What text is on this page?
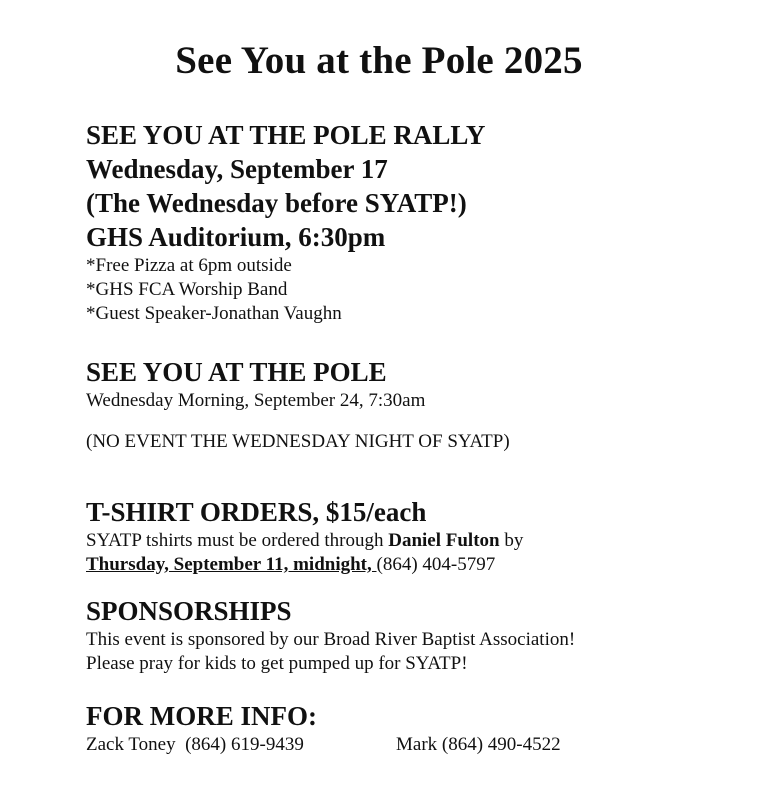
See You at the Pole 2025
SEE YOU AT THE POLE RALLY
Wednesday, September 17
(The Wednesday before SYATP!)
GHS Auditorium, 6:30pm
*Free Pizza at 6pm outside
*GHS FCA Worship Band
*Guest Speaker-Jonathan Vaughn
SEE YOU AT THE POLE
Wednesday Morning, September 24, 7:30am
(NO EVENT THE WEDNESDAY NIGHT OF SYATP)
T-SHIRT ORDERS, $15/each
SYATP tshirts must be ordered through Daniel Fulton by
Thursday, September 11, midnight, (864) 404-5797
SPONSORSHIPS
This event is sponsored by our Broad River Baptist Association!
Please pray for kids to get pumped up for SYATP!
FOR MORE INFO:
Zack Toney  (864) 619-9439	Mark (864) 490-4522
